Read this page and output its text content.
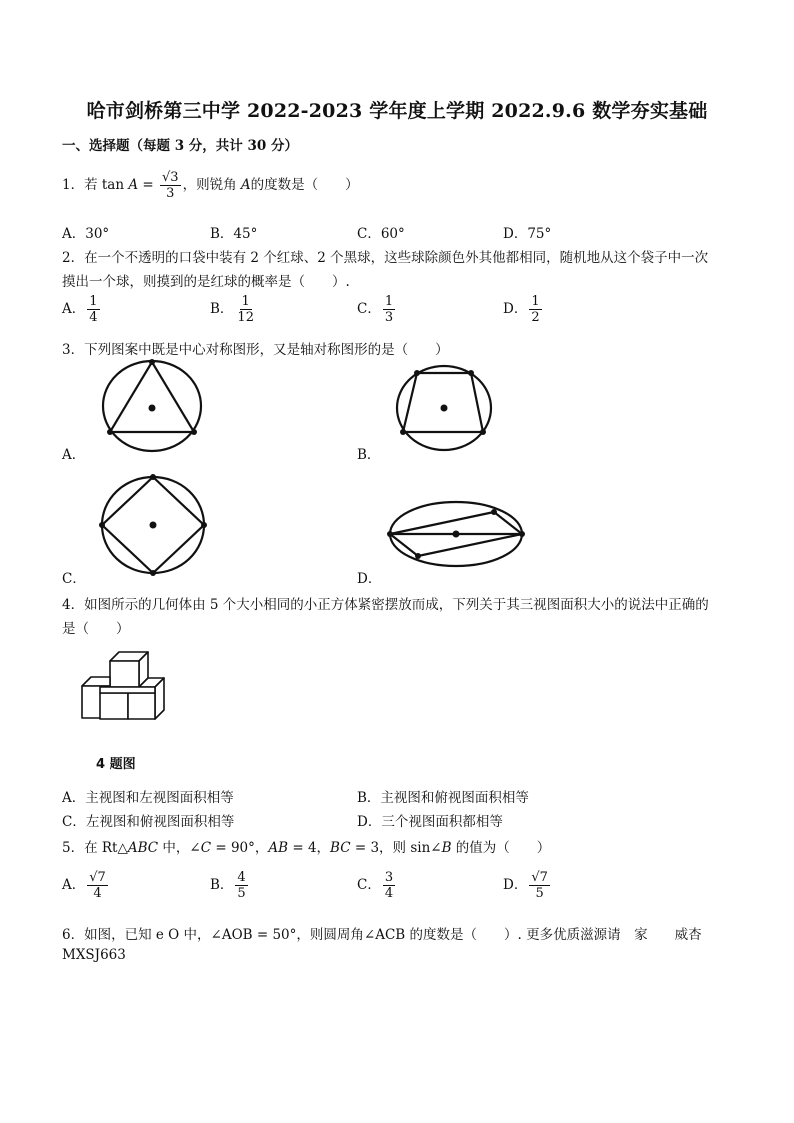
哈市剑桥第三中学 2022-2023 学年度上学期 2022.9.6 数学夯实基础
一、选择题（每题 3 分，共计 30 分）
1．若 $\tan A = \frac{√3}{3}$ ，则锐角 A的度数是（　　）
A．30°	B．45°	C．60°	D．75°
2．在一个不透明的口袋中装有 2 个红球、2 个黑球，这些球除颜色外其他都相同，随机地从这个袋子中一次
摸出一个球，则摸到的是红球的概率是（　　）.
A． $\frac{1}{4}$	B． $\frac{1}{12}$	C． $\frac{1}{3}$	D． $\frac{1}{2}$
3．下列图案中既是中心对称图形，又是轴对称图形的是（　　）
A．	B．
C．	D．
4．如图所示的几何体由 5 个大小相同的小正方体紧密摆放而成，下列关于其三视图面积大小的说法中正确的
是（　　）
4 题图
A．主视图和左视图面积相等	B．主视图和俯视图面积相等
C．左视图和俯视图面积相等	D．三个视图面积都相等
5．在 Rt△ABC 中，∠C = 90°，AB = 4，BC = 3，则 sin∠B 的值为（　　）
A． $\frac{√7}{4}$	B． $\frac{4}{5}$	C． $\frac{3}{4}$	D． $\frac{√7}{5}$
6．如图，已知 e O 中，∠AOB = 50°，则圆周角∠ACB 的度数是（　　）. 更多优质滋源请　家　　威杏
MXSJ663
